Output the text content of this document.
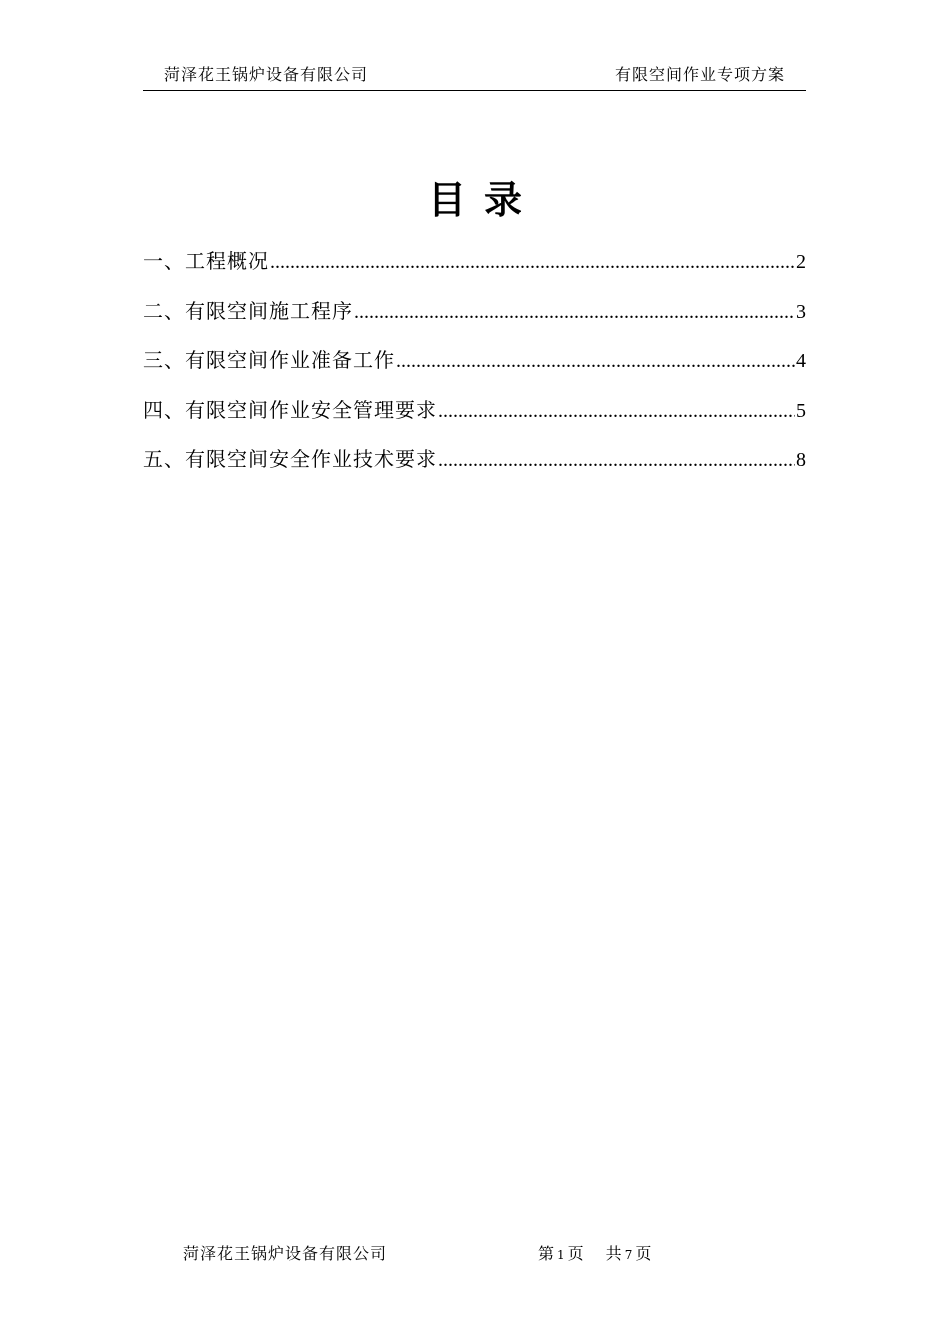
菏泽花王锅炉设备有限公司	有限空间作业专项方案
目录
一、工程概况 .....	2
二、有限空间施工程序 .....	3
三、有限空间作业准备工作 .....	4
四、有限空间作业安全管理要求 .....	5
五、有限空间安全作业技术要求 .....	8
菏泽花王锅炉设备有限公司	第 1 页 共 7 页
